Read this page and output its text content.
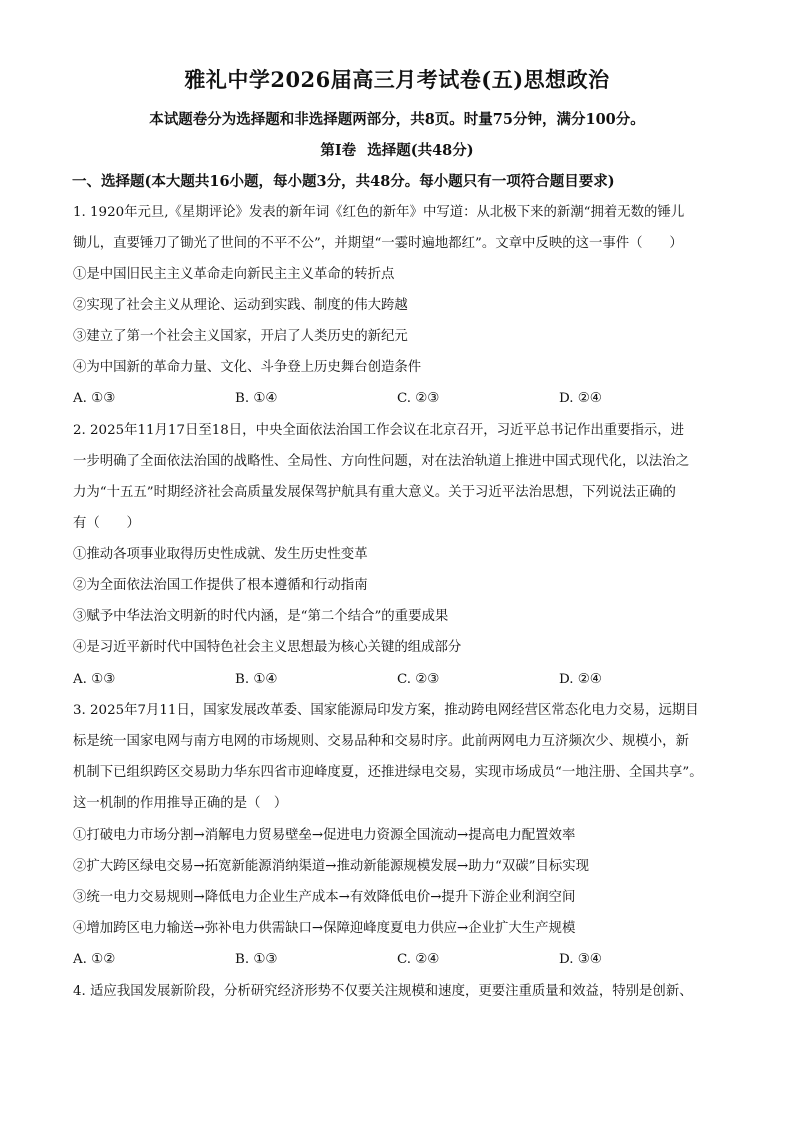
雅礼中学2026届高三月考试卷(五)思想政治
本试题卷分为选择题和非选择题两部分，共8页。时量75分钟，满分100分。
第Ⅰ卷 选择题(共48分)
一、选择题(本大题共16小题，每小题3分，共48分。每小题只有一项符合题目要求)
1. 1920年元旦,《星期评论》发表的新年词《红色的新年》中写道：从北极下来的新潮“拥着无数的锤儿
锄儿，直要锤刀了锄光了世间的不平不公”，并期望“一霎时遍地都红”。文章中反映的这一事件（　　）
①是中国旧民主主义革命走向新民主主义革命的转折点
②实现了社会主义从理论、运动到实践、制度的伟大跨越
③建立了第一个社会主义国家，开启了人类历史的新纪元
④为中国新的革命力量、文化、斗争登上历史舞台创造条件
A. ①③	B. ①④	C. ②③	D. ②④
2. 2025年11月17日至18日，中央全面依法治国工作会议在北京召开，习近平总书记作出重要指示，进
一步明确了全面依法治国的战略性、全局性、方向性问题，对在法治轨道上推进中国式现代化，以法治之
力为“十五五”时期经济社会高质量发展保驾护航具有重大意义。关于习近平法治思想，下列说法正确的
有（　　）
①推动各项事业取得历史性成就、发生历史性变革
②为全面依法治国工作提供了根本遵循和行动指南
③赋予中华法治文明新的时代内涵，是“第二个结合”的重要成果
④是习近平新时代中国特色社会主义思想最为核心关键的组成部分
A. ①③	B. ①④	C. ②③	D. ②④
3. 2025年7月11日，国家发展改革委、国家能源局印发方案，推动跨电网经营区常态化电力交易，远期目
标是统一国家电网与南方电网的市场规则、交易品种和交易时序。此前两网电力互济频次少、规模小，新
机制下已组织跨区交易助力华东四省市迎峰度夏，还推进绿电交易，实现市场成员“一地注册、全国共享”。
这一机制的作用推导正确的是（　）
①打破电力市场分割→消解电力贸易壁垒→促进电力资源全国流动→提高电力配置效率
②扩大跨区绿电交易→拓宽新能源消纳渠道→推动新能源规模发展→助力“双碳”目标实现
③统一电力交易规则→降低电力企业生产成本→有效降低电价→提升下游企业利润空间
④增加跨区电力输送→弥补电力供需缺口→保障迎峰度夏电力供应→企业扩大生产规模
A. ①②	B. ①③	C. ②④	D. ③④
4. 适应我国发展新阶段，分析研究经济形势不仅要关注规模和速度，更要注重质量和效益，特别是创新、
